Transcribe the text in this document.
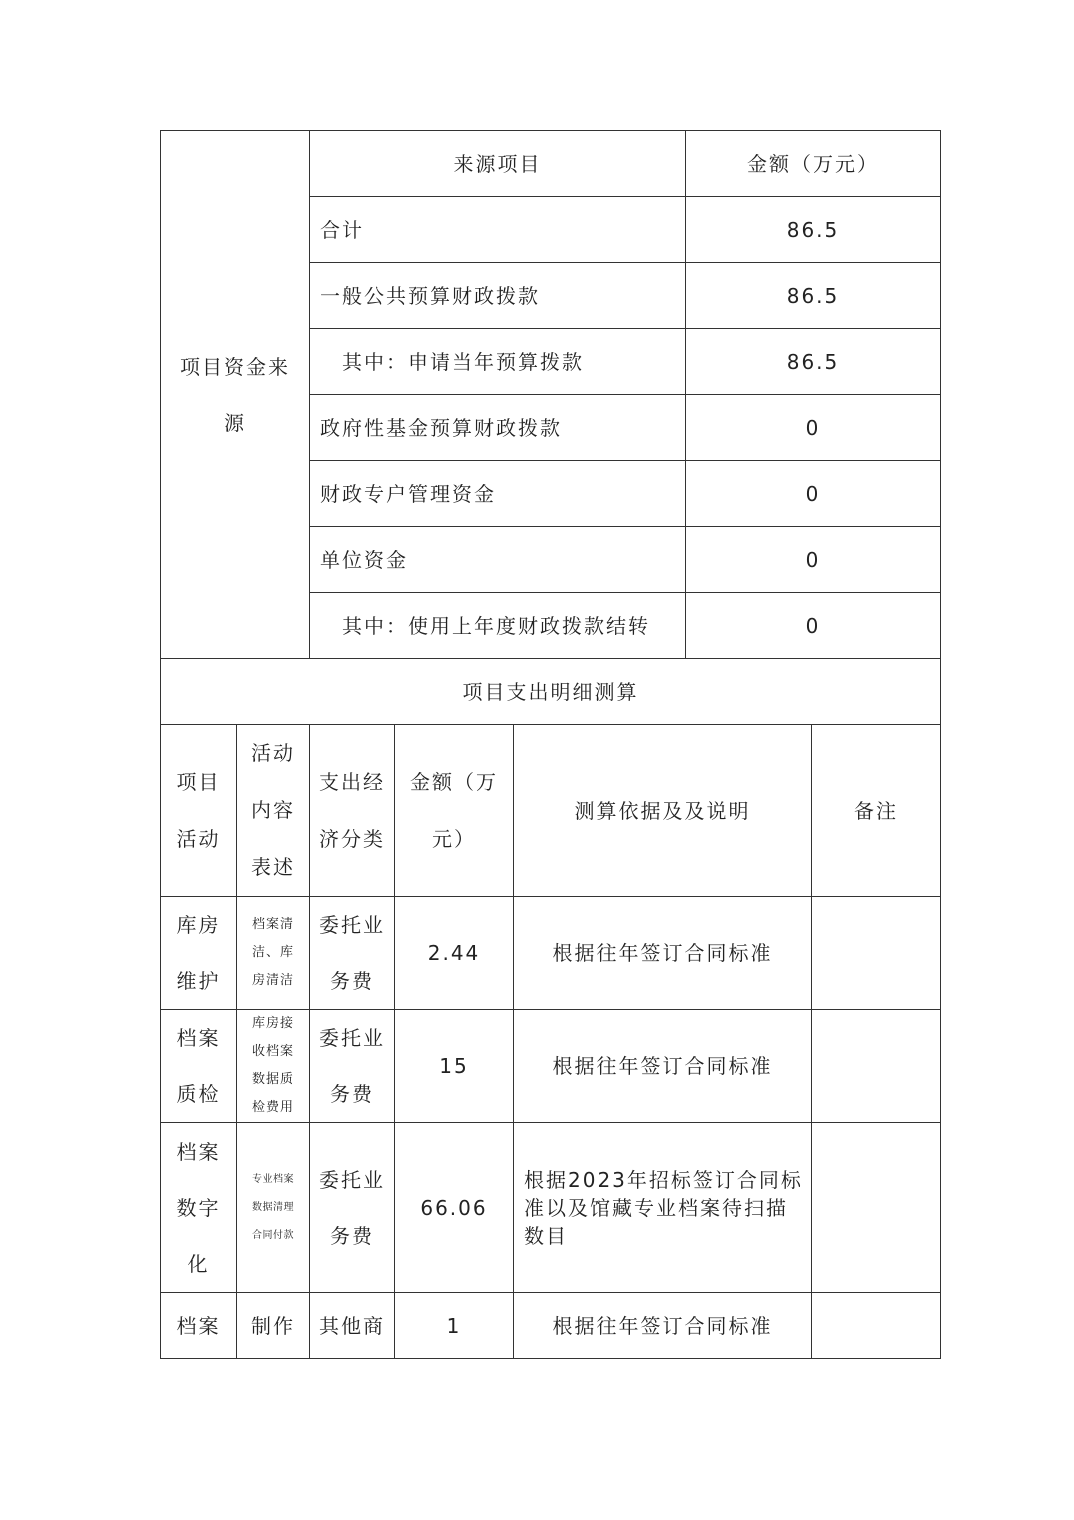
项目资金来源		来源项目			金额（万元）	
		合计			86.5	
		一般公共预算财政拨款			86.5	
		其中：申请当年预算拨款			86.5	
		政府性基金预算财政拨款			0	
		财政专户管理资金			0	
		单位资金			0	
		其中：使用上年度财政拨款结转			0	
项目支出明细测算						

项目活动	活动内容表述	支出经济分类	金额（万元）	测算依据及及说明		备注

库房维护	档案清洁、库房清洁	委托业务费	2.44	根据往年签订合同标准		

档案质检	库房接收档案数据质检费用	委托业务费	15	根据往年签订合同标准		

档案数字化	专业档案数据清理合同付款	委托业务费	66.06	根据2023年招标签订合同标准以及馆藏专业档案待扫描数目		
档案	制作	其他商	1	根据往年签订合同标准		
